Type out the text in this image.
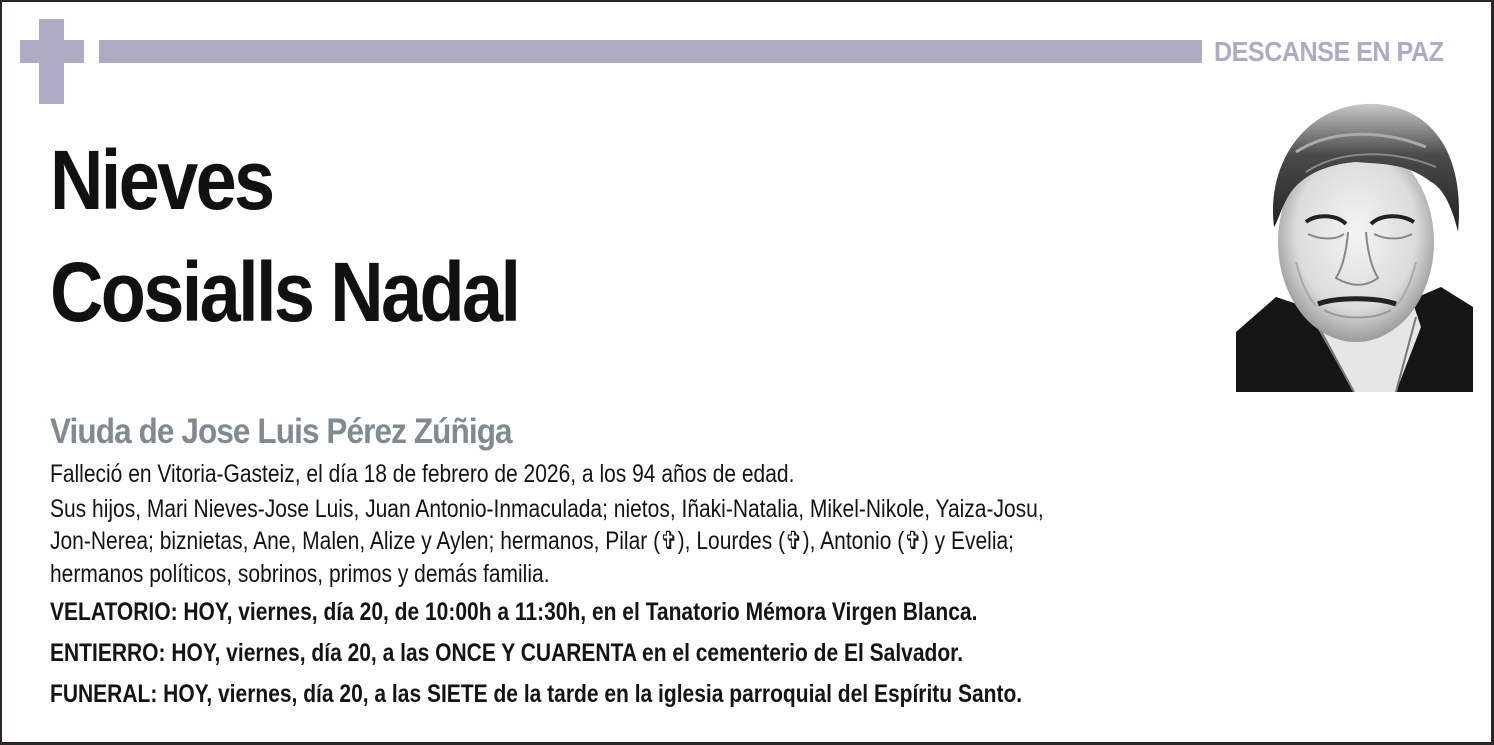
DESCANSE EN PAZ
Nieves
Cosialls Nadal
Viuda de Jose Luis Pérez Zúñiga

Falleció en Vitoria-Gasteiz, el día 18 de febrero de 2026, a los 94 años de edad.

Sus hijos, Mari Nieves-Jose Luis, Juan Antonio-Inmaculada; nietos, Iñaki-Natalia, Mikel-Nikole, Yaiza-Josu,

Jon-Nerea; biznietas, Ane, Malen, Alize y Aylen; hermanos, Pilar (✞), Lourdes (✞), Antonio (✞) y Evelia;

hermanos políticos, sobrinos, primos y demás familia.

VELATORIO: HOY, viernes, día 20, de 10:00h a 11:30h, en el Tanatorio Mémora Virgen Blanca.

ENTIERRO: HOY, viernes, día 20, a las ONCE Y CUARENTA en el cementerio de El Salvador.

FUNERAL: HOY, viernes, día 20, a las SIETE de la tarde en la iglesia parroquial del Espíritu Santo.
